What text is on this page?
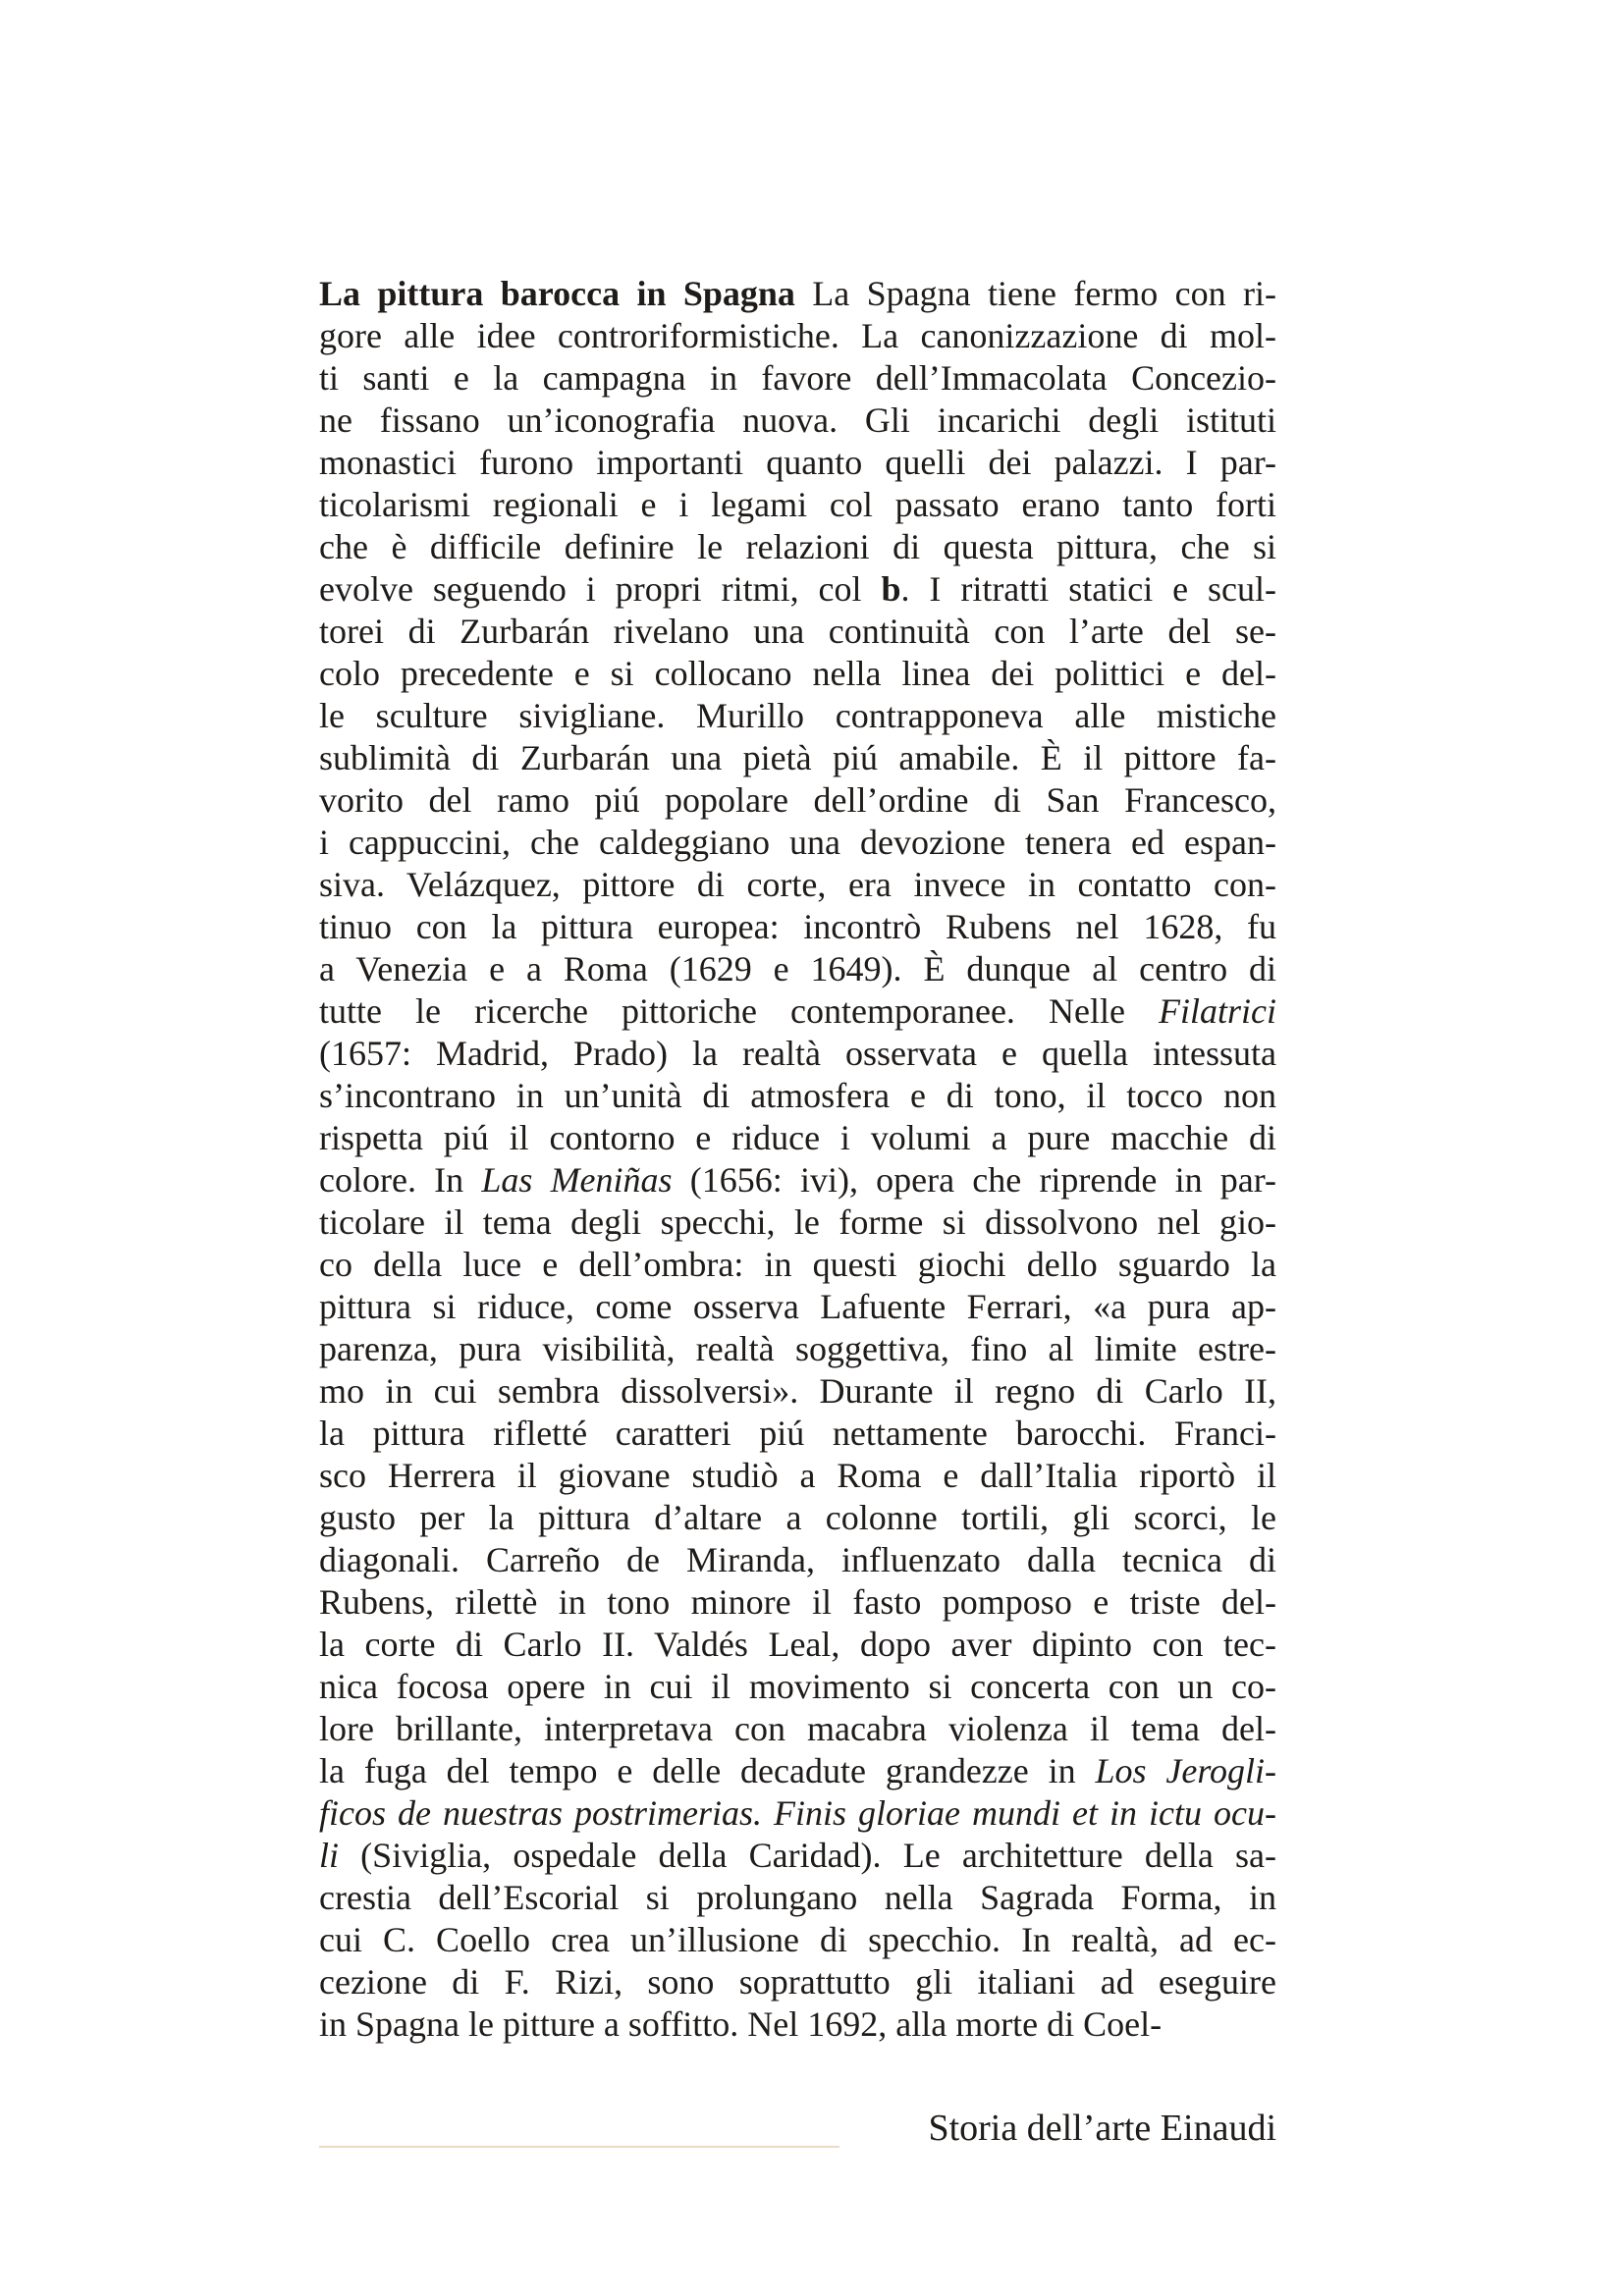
La pittura barocca in Spagna La Spagna tiene fermo con ri-
gore alle idee controriformistiche. La canonizzazione di mol-
ti santi e la campagna in favore dell’Immacolata Concezio-
ne fissano un’iconografia nuova. Gli incarichi degli istituti
monastici furono importanti quanto quelli dei palazzi. I par-
ticolarismi regionali e i legami col passato erano tanto forti
che è difficile definire le relazioni di questa pittura, che si
evolve seguendo i propri ritmi, col b. I ritratti statici e scul-
torei di Zurbarán rivelano una continuità con l’arte del se-
colo precedente e si collocano nella linea dei polittici e del-
le sculture sivigliane. Murillo contrapponeva alle mistiche
sublimità di Zurbarán una pietà piú amabile. È il pittore fa-
vorito del ramo piú popolare dell’ordine di San Francesco,
i cappuccini, che caldeggiano una devozione tenera ed espan-
siva. Velázquez, pittore di corte, era invece in contatto con-
tinuo con la pittura europea: incontrò Rubens nel 1628, fu
a Venezia e a Roma (1629 e 1649). È dunque al centro di
tutte le ricerche pittoriche contemporanee. Nelle Filatrici
(1657: Madrid, Prado) la realtà osservata e quella intessuta
s’incontrano in un’unità di atmosfera e di tono, il tocco non
rispetta piú il contorno e riduce i volumi a pure macchie di
colore. In Las Meniñas (1656: ivi), opera che riprende in par-
ticolare il tema degli specchi, le forme si dissolvono nel gio-
co della luce e dell’ombra: in questi giochi dello sguardo la
pittura si riduce, come osserva Lafuente Ferrari, «a pura ap-
parenza, pura visibilità, realtà soggettiva, fino al limite estre-
mo in cui sembra dissolversi». Durante il regno di Carlo II,
la pittura rifletté caratteri piú nettamente barocchi. Franci-
sco Herrera il giovane studiò a Roma e dall’Italia riportò il
gusto per la pittura d’altare a colonne tortili, gli scorci, le
diagonali. Carreño de Miranda, influenzato dalla tecnica di
Rubens, rilettè in tono minore il fasto pomposo e triste del-
la corte di Carlo II. Valdés Leal, dopo aver dipinto con tec-
nica focosa opere in cui il movimento si concerta con un co-
lore brillante, interpretava con macabra violenza il tema del-
la fuga del tempo e delle decadute grandezze in Los Jerogli-
ficos de nuestras postrimerias. Finis gloriae mundi et in ictu ocu-
li (Siviglia, ospedale della Caridad). Le architetture della sa-
crestia dell’Escorial si prolungano nella Sagrada Forma, in
cui C. Coello crea un’illusione di specchio. In realtà, ad ec-
cezione di F. Rizi, sono soprattutto gli italiani ad eseguire
in Spagna le pitture a soffitto. Nel 1692, alla morte di Coel-
Storia dell’arte Einaudi
